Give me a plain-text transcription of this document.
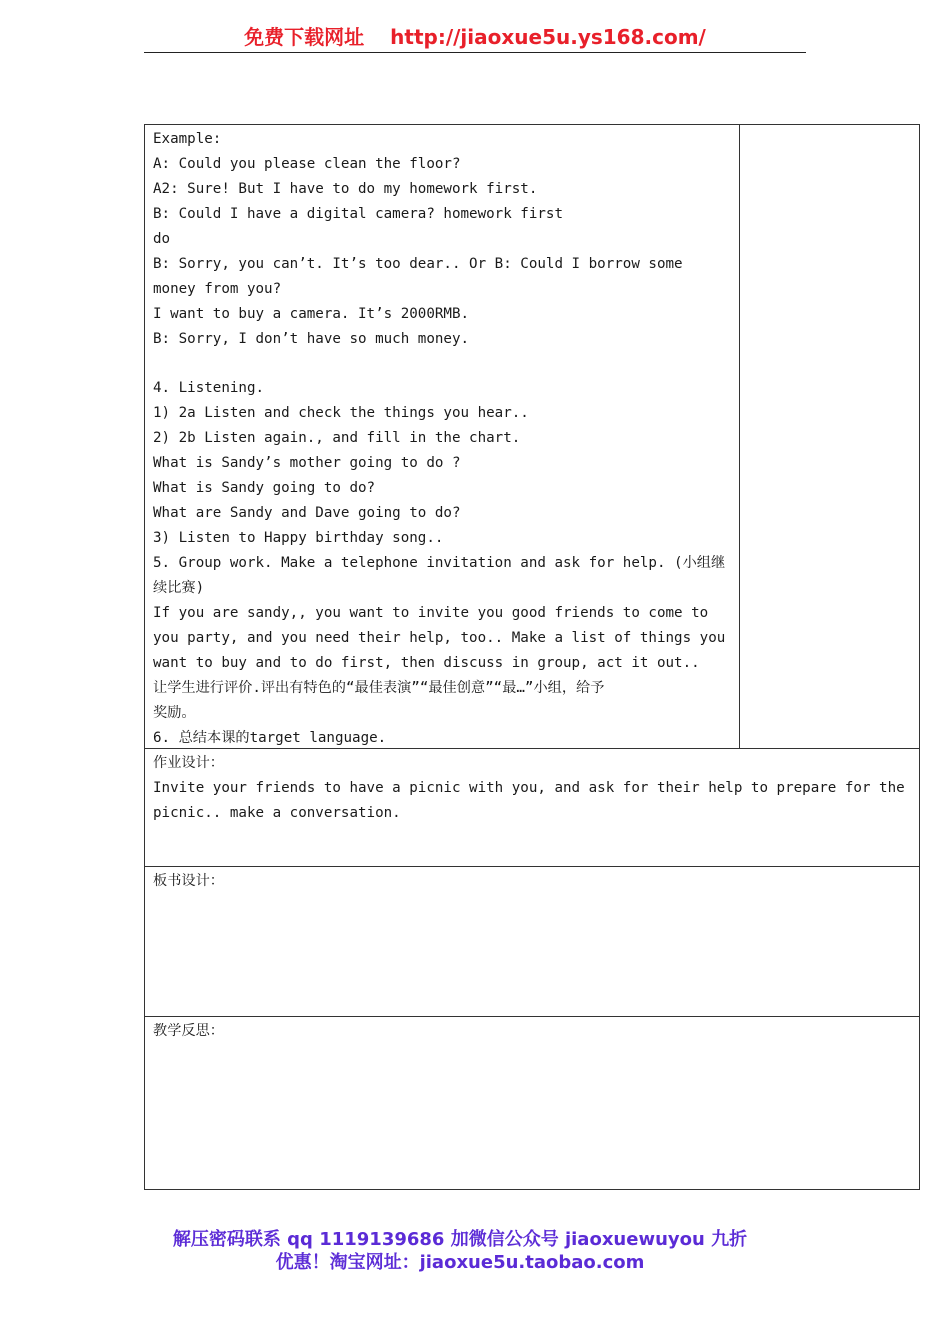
免费下载网址 http://jiaoxue5u.ys168.com/
Example:
A: Could you please clean the floor?
A2: Sure! But I have to do my homework first.
B: Could I have a digital camera? homework first
do
B: Sorry, you can’t. It’s too dear.. Or B: Could I borrow some
money from you?
I want to buy a camera. It’s 2000RMB.
B: Sorry, I don’t have so much money.
4. Listening.
1) 2a Listen and check the things you hear..
2) 2b Listen again., and fill in the chart.
What is Sandy’s mother going to do ?
What is Sandy going to do?
What are Sandy and Dave going to do?
3) Listen to Happy birthday song..
5. Group work. Make a telephone invitation and ask for help. (小组继
续比赛)
If you are sandy,, you want to invite you good friends to come to
you party, and you need their help, too.. Make a list of things you
want to buy and to do first, then discuss in group, act it out..
让学生进行评价.评出有特色的“最佳表演”“最佳创意”“最…”小组，给予
奖励。
6. 总结本课的target language.
作业设计：
Invite your friends to have a picnic with you, and ask for their help to prepare for the
picnic.. make a conversation.
板书设计：
教学反思：
解压密码联系 qq 1119139686 加微信公众号 jiaoxuewuyou 九折
优惠！淘宝网址：jiaoxue5u.taobao.com
